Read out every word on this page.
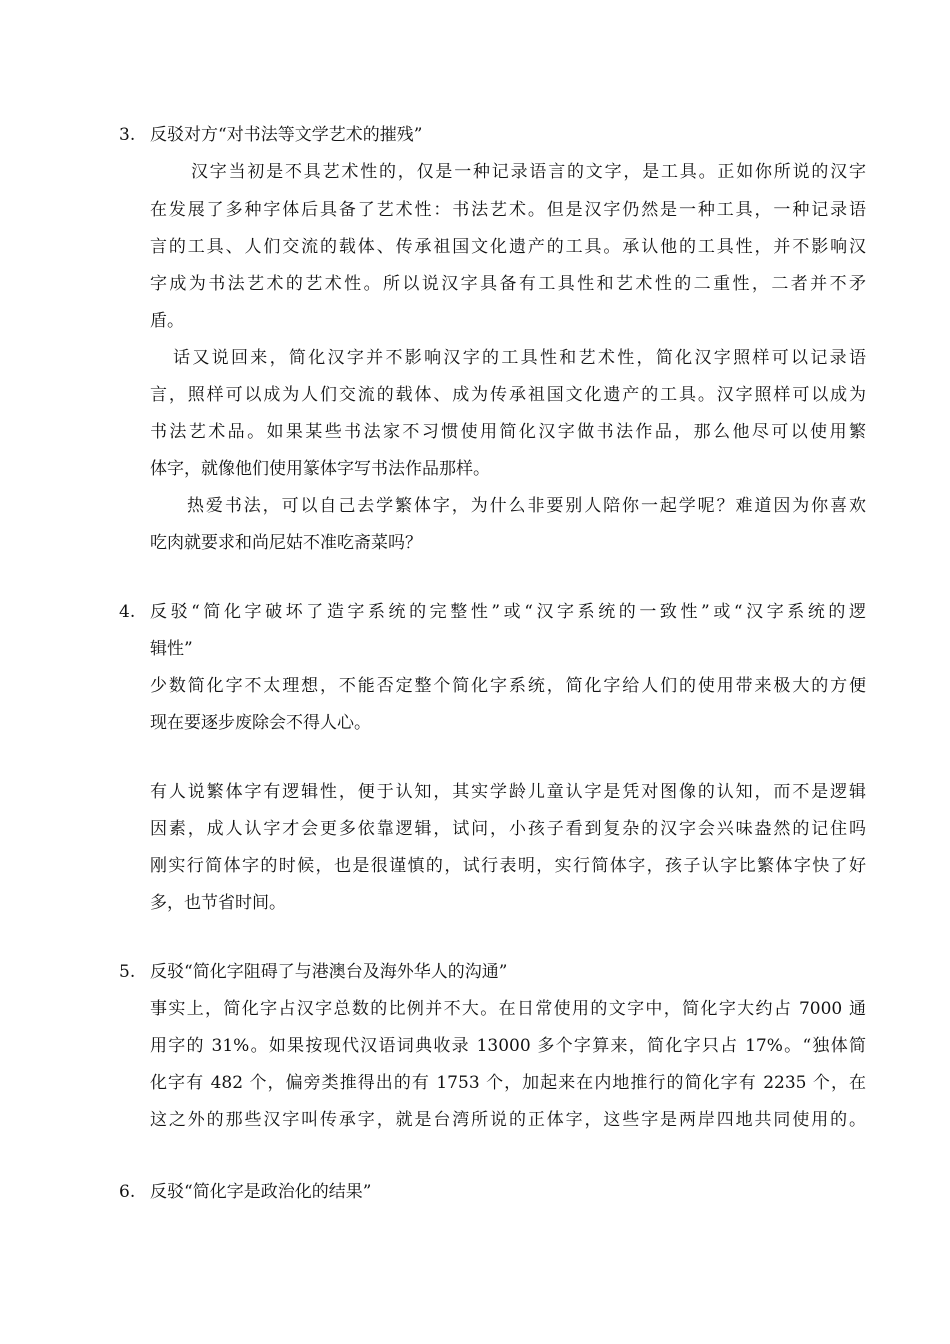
3. 反驳对方“对书法等文学艺术的摧残”
汉字当初是不具艺术性的，仅是一种记录语言的文字，是工具。正如你所说的汉字
在发展了多种字体后具备了艺术性：书法艺术。但是汉字仍然是一种工具，一种记录语
言的工具、人们交流的载体、传承祖国文化遗产的工具。承认他的工具性，并不影响汉
字成为书法艺术的艺术性。所以说汉字具备有工具性和艺术性的二重性，二者并不矛
盾。
话又说回来，简化汉字并不影响汉字的工具性和艺术性，简化汉字照样可以记录语
言，照样可以成为人们交流的载体、成为传承祖国文化遗产的工具。汉字照样可以成为
书法艺术品。如果某些书法家不习惯使用简化汉字做书法作品，那么他尽可以使用繁
体字，就像他们使用篆体字写书法作品那样。
热爱书法，可以自己去学繁体字，为什么非要别人陪你一起学呢？难道因为你喜欢
吃肉就要求和尚尼姑不准吃斋菜吗？
4. 反驳“简化字破坏了造字系统的完整性”或“汉字系统的一致性”或“汉字系统的逻
辑性”
少数简化字不太理想，不能否定整个简化字系统，简化字给人们的使用带来极大的方便
现在要逐步废除会不得人心。
有人说繁体字有逻辑性，便于认知，其实学龄儿童认字是凭对图像的认知，而不是逻辑
因素，成人认字才会更多依靠逻辑，试问，小孩子看到复杂的汉字会兴味盎然的记住吗
刚实行简体字的时候，也是很谨慎的，试行表明，实行简体字，孩子认字比繁体字快了好
多，也节省时间。
5. 反驳“简化字阻碍了与港澳台及海外华人的沟通”
事实上，简化字占汉字总数的比例并不大。在日常使用的文字中，简化字大约占 7000 通
用字的 31%。如果按现代汉语词典收录 13000 多个字算来，简化字只占 17%。“独体简
化字有 482 个，偏旁类推得出的有 1753 个，加起来在内地推行的简化字有 2235 个，在
这之外的那些汉字叫传承字，就是台湾所说的正体字，这些字是两岸四地共同使用的。
6. 反驳“简化字是政治化的结果”
